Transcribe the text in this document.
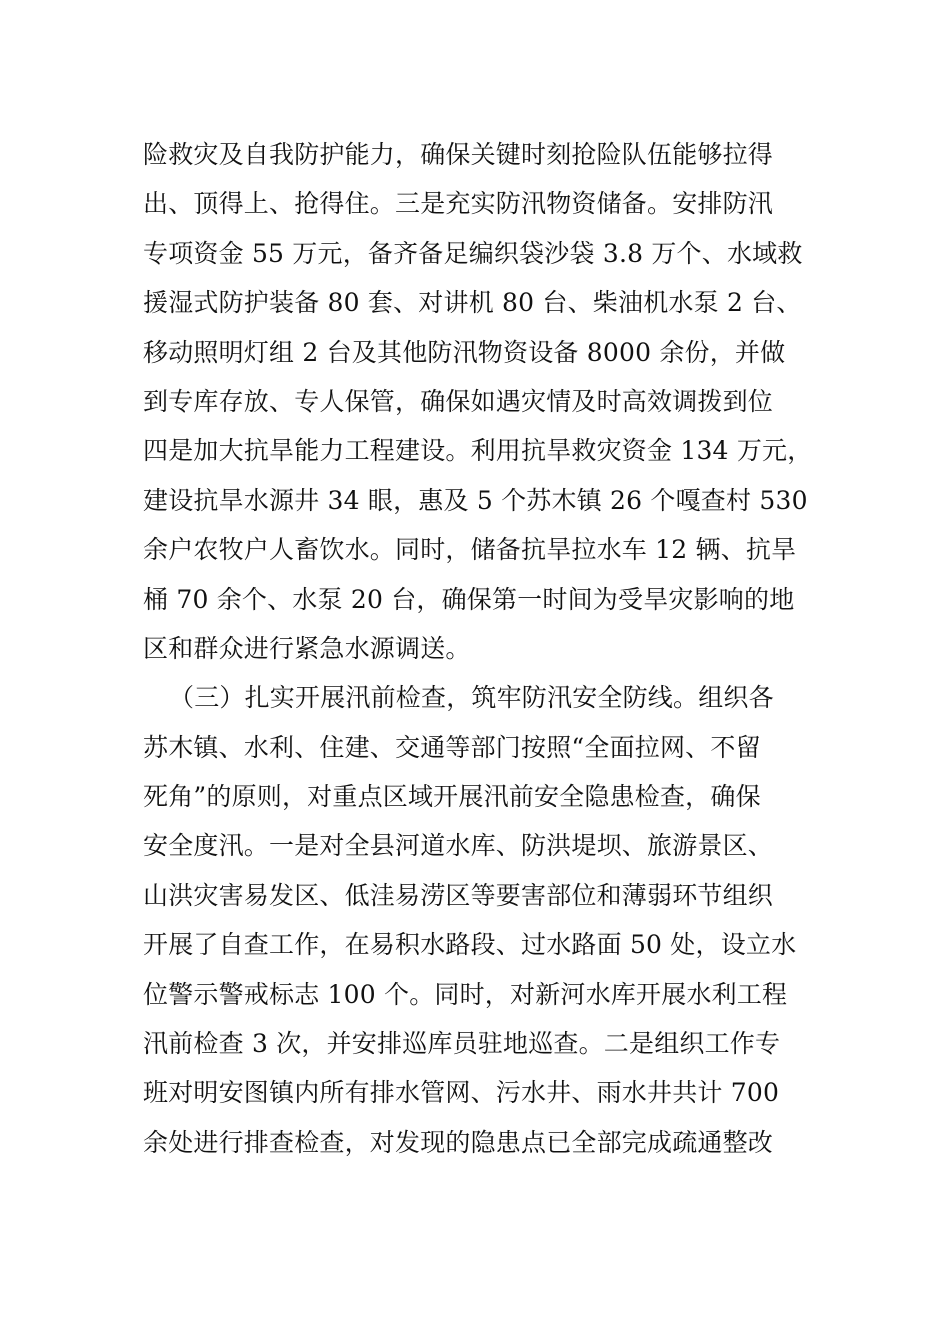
险救灾及自我防护能力，确保关键时刻抢险队伍能够拉得
出、顶得上、抢得住。三是充实防汛物资储备。安排防汛
专项资金 55 万元，备齐备足编织袋沙袋 3.8 万个、水域救
援湿式防护装备 80 套、对讲机 80 台、柴油机水泵 2 台、
移动照明灯组 2 台及其他防汛物资设备 8000 余份，并做
到专库存放、专人保管，确保如遇灾情及时高效调拨到位
四是加大抗旱能力工程建设。利用抗旱救灾资金 134 万元，
建设抗旱水源井 34 眼，惠及 5 个苏木镇 26 个嘎查村 530
余户农牧户人畜饮水。同时，储备抗旱拉水车 12 辆、抗旱
桶 70 余个、水泵 20 台，确保第一时间为受旱灾影响的地
区和群众进行紧急水源调送。
（三）扎实开展汛前检查，筑牢防汛安全防线。组织各
苏木镇、水利、住建、交通等部门按照“全面拉网、不留
死角”的原则，对重点区域开展汛前安全隐患检查，确保
安全度汛。一是对全县河道水库、防洪堤坝、旅游景区、
山洪灾害易发区、低洼易涝区等要害部位和薄弱环节组织
开展了自查工作，在易积水路段、过水路面 50 处，设立水
位警示警戒标志 100 个。同时，对新河水库开展水利工程
汛前检查 3 次，并安排巡库员驻地巡查。二是组织工作专
班对明安图镇内所有排水管网、污水井、雨水井共计 700
余处进行排查检查，对发现的隐患点已全部完成疏通整改
